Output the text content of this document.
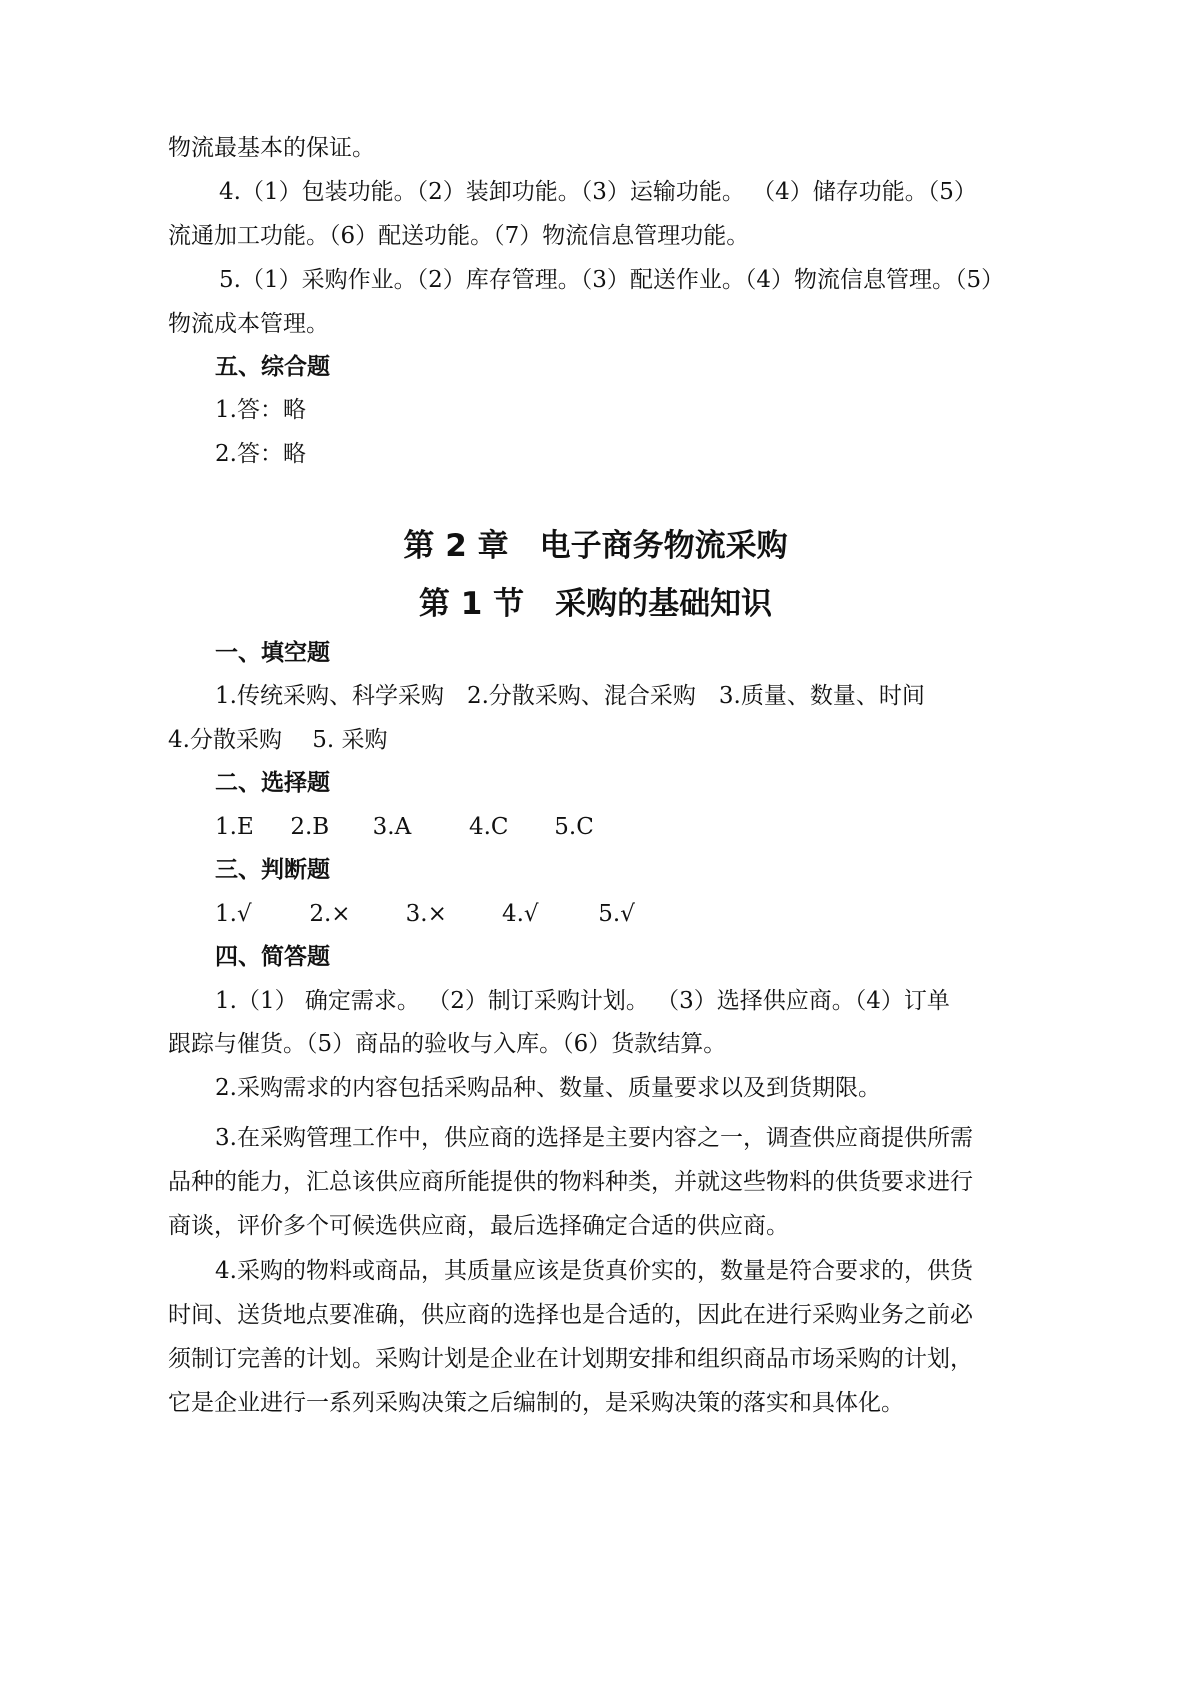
物流最基本的保证。

4.（1）包装功能。（2）装卸功能。（3）运输功能。 （4）储存功能。（5）

流通加工功能。（6）配送功能。（7）物流信息管理功能。

5.（1）采购作业。（2）库存管理。（3）配送作业。（4）物流信息管理。（5）

物流成本管理。

五、综合题

1.答：略

2.答：略

第 2 章　电子商务物流采购
第 1 节　采购的基础知识

一、填空题

1.传统采购、科学采购　2.分散采购、混合采购　3.质量、数量、时间

4.分散采购　 5. 采购

二、选择题

1.E 2.B 3.A	4.C 5.C

三、判断题

1.√	2.× 3.× 4.√	5.√

四、简答题

1.（1） 确定需求。 （2）制订采购计划。 （3）选择供应商。（4）订单

跟踪与催货。（5）商品的验收与入库。（6）货款结算。

2.采购需求的内容包括采购品种、数量、质量要求以及到货期限。

3.在采购管理工作中，供应商的选择是主要内容之一，调查供应商提供所需

品种的能力，汇总该供应商所能提供的物料种类，并就这些物料的供货要求进行

商谈，评价多个可候选供应商，最后选择确定合适的供应商。

4.采购的物料或商品，其质量应该是货真价实的，数量是符合要求的，供货

时间、送货地点要准确，供应商的选择也是合适的，因此在进行采购业务之前必

须制订完善的计划。采购计划是企业在计划期安排和组织商品市场采购的计划，

它是企业进行一系列采购决策之后编制的，是采购决策的落实和具体化。
